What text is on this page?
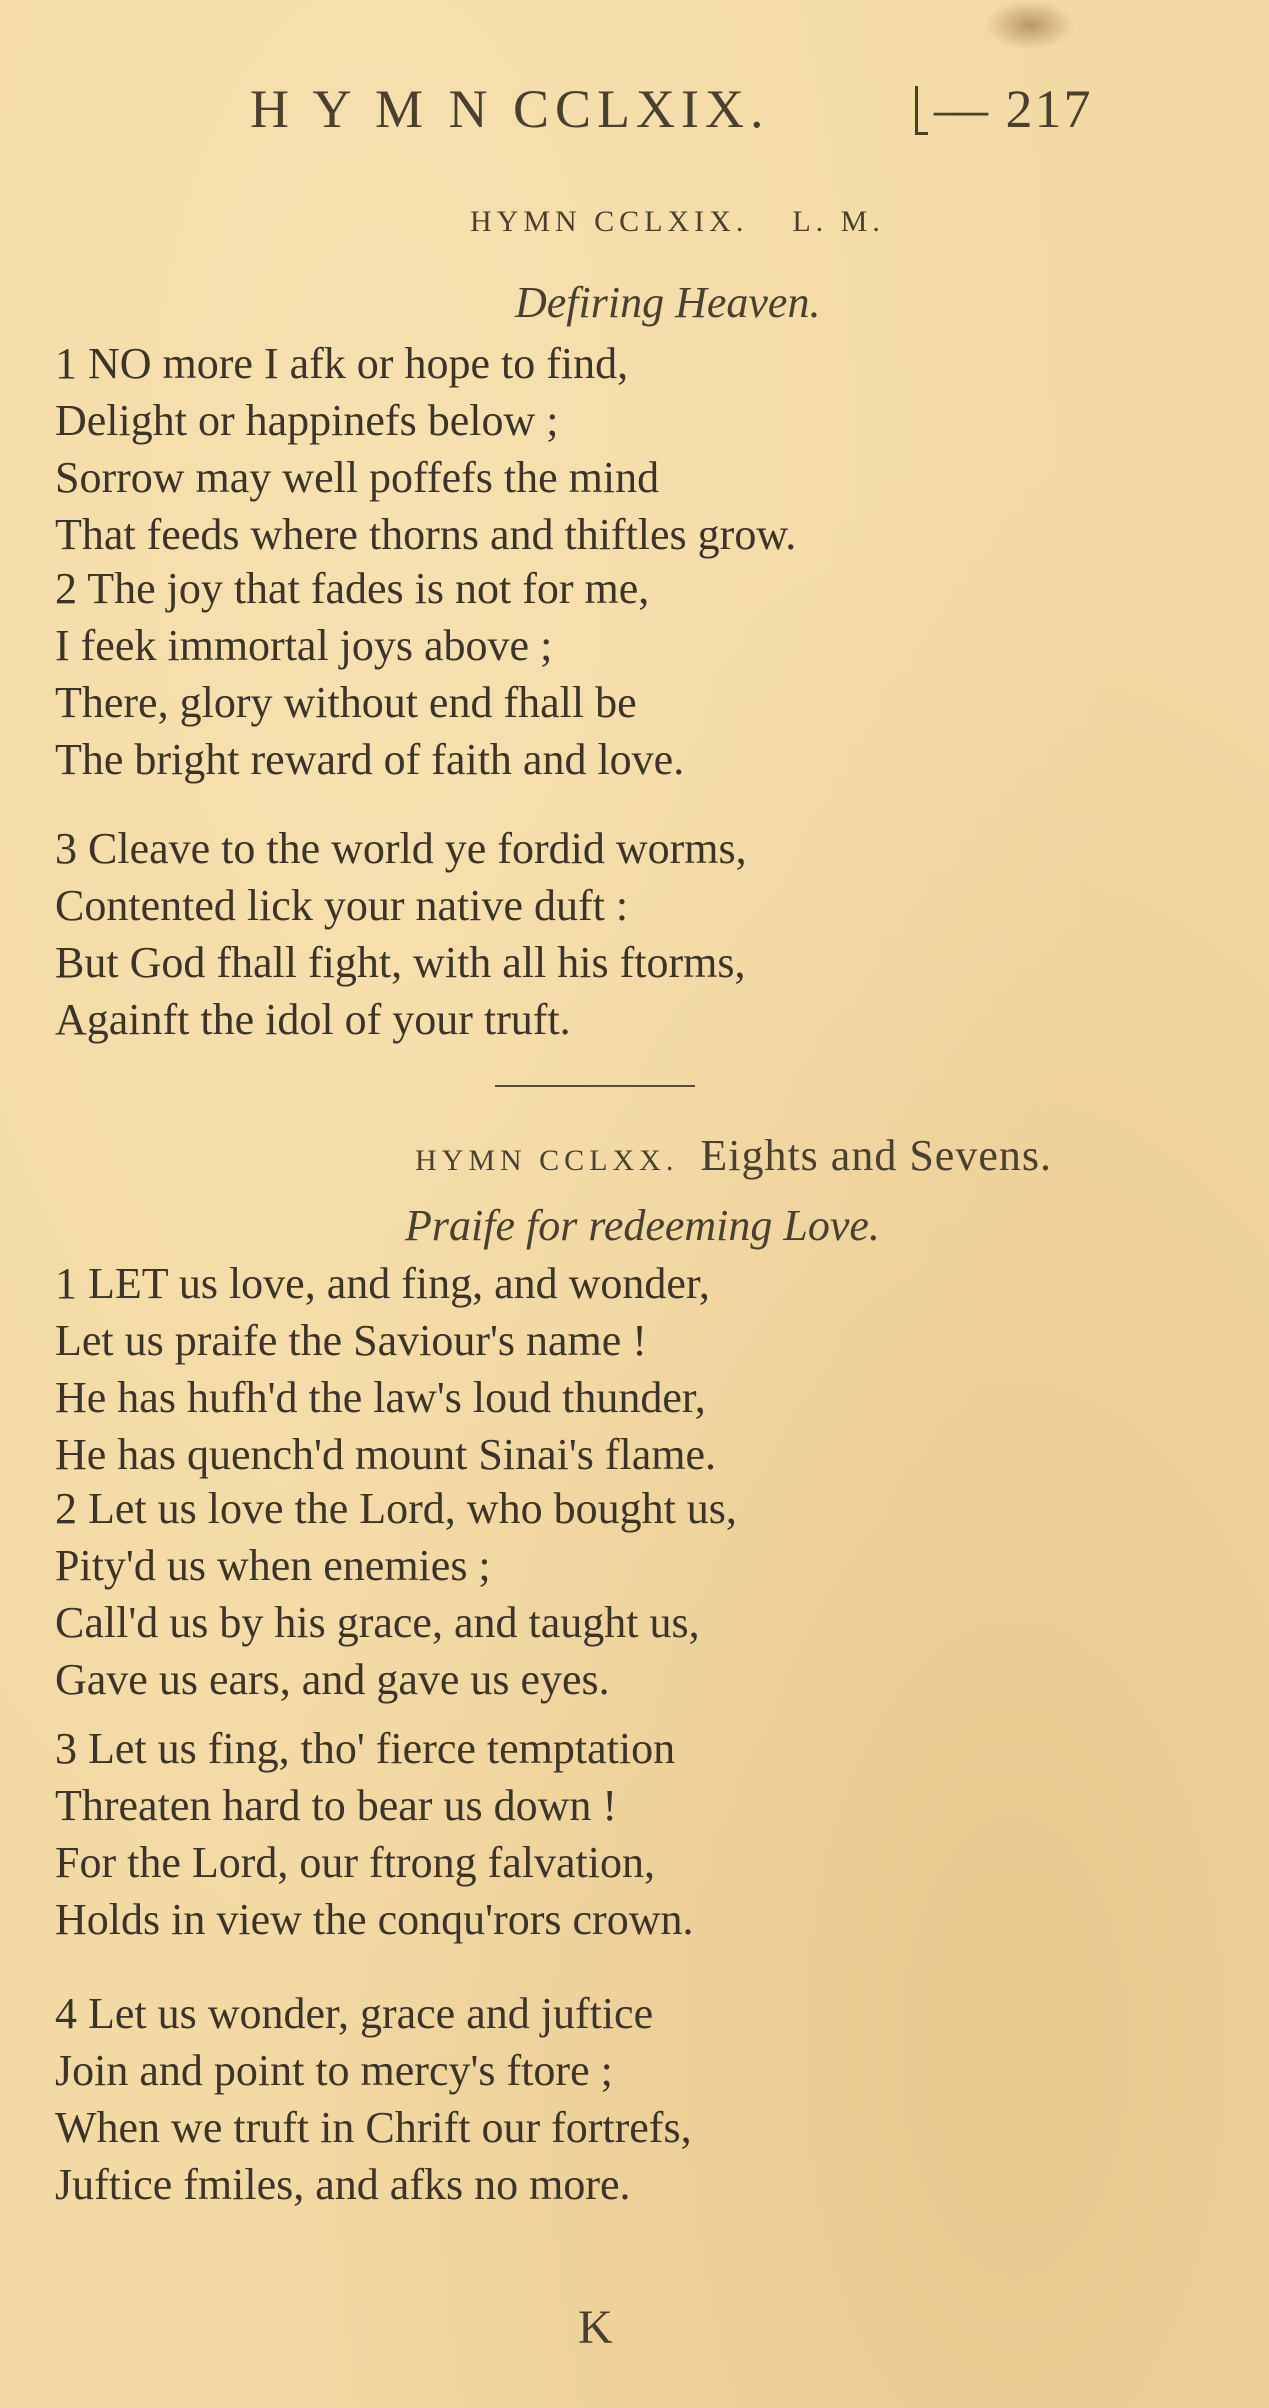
H Y M N CCLXIX.	— 217
HYMN CCLXIX. L. M.
Defiring Heaven.
1 NO more I afk or hope to find,
Delight or happinefs below ;
Sorrow may well poffefs the mind
That feeds where thorns and thiftles grow.
2 The joy that fades is not for me,
I feek immortal joys above ;
There, glory without end fhall be
The bright reward of faith and love.
3 Cleave to the world ye fordid worms,
Contented lick your native duft :
But God fhall fight, with all his ftorms,
Againft the idol of your truft.
HYMN CCLXX. Eights and Sevens.
Praife for redeeming Love.
1 LET us love, and fing, and wonder,
Let us praife the Saviour's name !
He has hufh'd the law's loud thunder,
He has quench'd mount Sinai's flame.
2 Let us love the Lord, who bought us,
Pity'd us when enemies ;
Call'd us by his grace, and taught us,
Gave us ears, and gave us eyes.
3 Let us fing, tho' fierce temptation
Threaten hard to bear us down !
For the Lord, our ftrong falvation,
Holds in view the conqu'rors crown.
4 Let us wonder, grace and juftice
Join and point to mercy's ftore ;
When we truft in Chrift our fortrefs,
Juftice fmiles, and afks no more.
K
